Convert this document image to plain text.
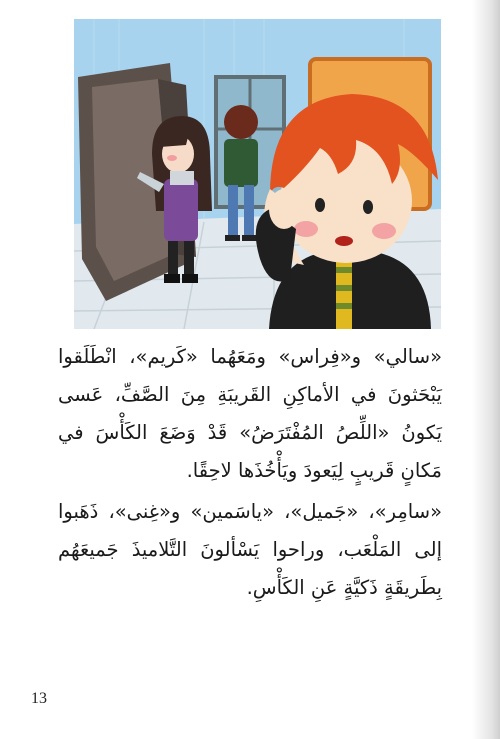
«سالي» و«فِراس» ومَعَهُما «كَريم»، انْطَلَقوا يَبْحَثونَ في الأماكِنِ القَريبَةِ مِنَ الصَّفِّ، عَسى يَكونُ «اللِّصُ المُفْتَرَضُ» قَدْ وَضَعَ الكَأْسَ في مَكانٍ قَريبٍ لِيَعودَ ويَأْخُذَها لاحِقًا.

«سامِر»، «جَميل»، «ياسَمين» و«غِنى»، ذَهَبوا إلى المَلْعَب، وراحوا يَسْألونَ التَّلاميذَ جَميعَهُم بِطَريقَةٍ ذَكيَّةٍ عَنِ الكَأْسِ.

13
